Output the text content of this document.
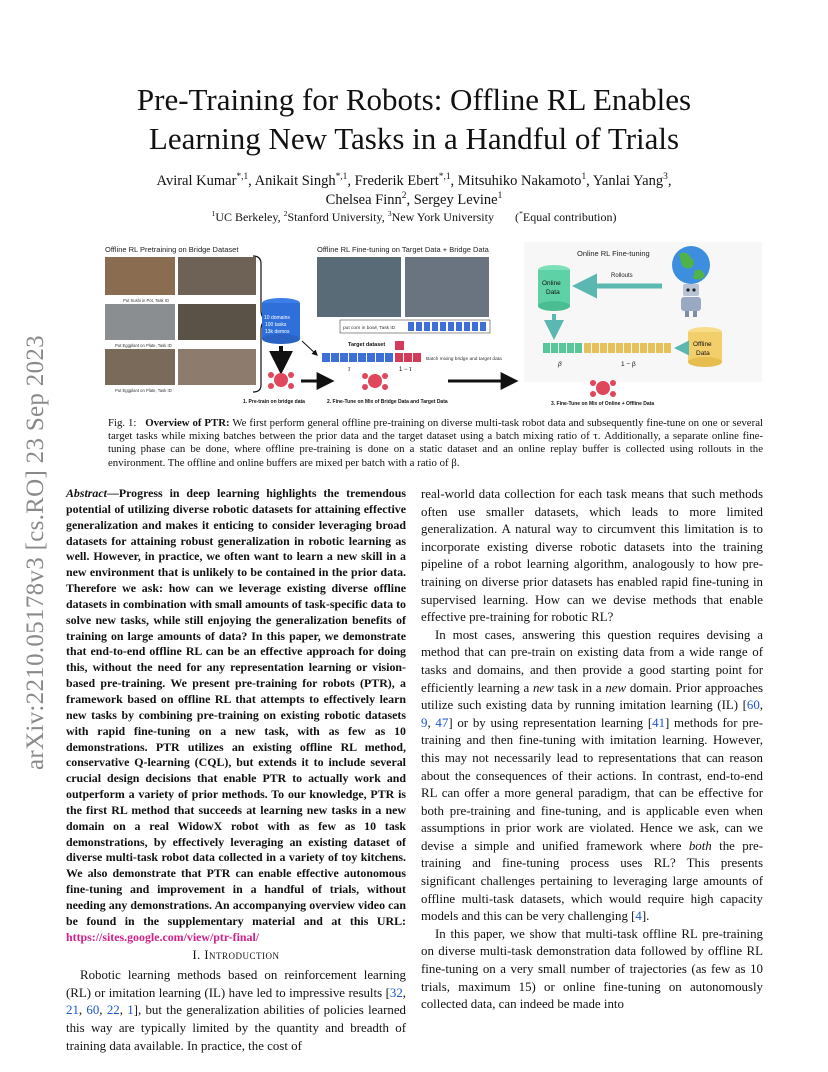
arXiv:2210.05178v3 [cs.RO] 23 Sep 2023
Pre-Training for Robots: Offline RL Enables
Learning New Tasks in a Handful of Trials
Aviral Kumar$^{*,1}$, Anikait Singh$^{*,1}$, Frederik Ebert$^{*,1}$, Mitsuhiko Nakamoto$^1$, Yanlai Yang$^3$,
Chelsea Finn$^2$, Sergey Levine$^1$
$^1$UC Berkeley, $^2$Stanford University, $^3$New York University       (*Equal contribution)
Offline RL Pretraining on Bridge Dataset
Put Sushi in Pot, Task ID
Put Eggplant on Plate, Task ID
Put Eggplant on Plate, Task ID
10 domains
100 tasks
13k demos
1. Pre-train on bridge data
Offline RL Fine-tuning on Target Data + Bridge Data
put corn in bowl, Task ID
Target dataset
Batch mixing bridge and target data
τ	1 − τ
2. Fine-Tune on Mix of Bridge Data and Target Data
Online RL Fine-tuning
Online
Data
Rollouts
Offline
Data
β	1 − β
3. Fine-Tune on Mix of Online + Offline Data
Fig. 1: Overview of PTR: We first perform general offline pre-training on diverse multi-task robot data and subsequently fine-tune on one or several target tasks while mixing batches between the prior data and the target dataset using a batch mixing ratio of τ. Additionally, a separate online fine-tuning phase can be done, where offline pre-training is done on a static dataset and an online replay buffer is collected using rollouts in the environment. The offline and online buffers are mixed per batch with a ratio of β.
Abstract—Progress in deep learning highlights the tremendous potential of utilizing diverse robotic datasets for attaining effective generalization and makes it enticing to consider leveraging broad datasets for attaining robust generalization in robotic learning as well. However, in practice, we often want to learn a new skill in a new environment that is unlikely to be contained in the prior data. Therefore we ask: how can we leverage existing diverse offline datasets in combination with small amounts of task-specific data to solve new tasks, while still enjoying the generalization benefits of training on large amounts of data? In this paper, we demonstrate that end-to-end offline RL can be an effective approach for doing this, without the need for any representation learning or vision-based pre-training. We present pre-training for robots (PTR), a framework based on offline RL that attempts to effectively learn new tasks by combining pre-training on existing robotic datasets with rapid fine-tuning on a new task, with as few as 10 demonstrations. PTR utilizes an existing offline RL method, conservative Q-learning (CQL), but extends it to include several crucial design decisions that enable PTR to actually work and outperform a variety of prior methods. To our knowledge, PTR is the first RL method that succeeds at learning new tasks in a new domain on a real WidowX robot with as few as 10 task demonstrations, by effectively leveraging an existing dataset of diverse multi-task robot data collected in a variety of toy kitchens. We also demonstrate that PTR can enable effective autonomous fine-tuning and improvement in a handful of trials, without needing any demonstrations. An accompanying overview video can be found in the supplementary material and at this URL: https://sites.google.com/view/ptr-final/
I. Introduction

Robotic learning methods based on reinforcement learning (RL) or imitation learning (IL) have led to impressive results [32, 21, 60, 22, 1], but the generalization abilities of policies learned this way are typically limited by the quantity and breadth of training data available. In practice, the cost of

real-world data collection for each task means that such methods often use smaller datasets, which leads to more limited generalization. A natural way to circumvent this limitation is to incorporate existing diverse robotic datasets into the training pipeline of a robot learning algorithm, analogously to how pre-training on diverse prior datasets has enabled rapid fine-tuning in supervised learning. How can we devise methods that enable effective pre-training for robotic RL?

In most cases, answering this question requires devising a method that can pre-train on existing data from a wide range of tasks and domains, and then provide a good starting point for efficiently learning a new task in a new domain. Prior approaches utilize such existing data by running imitation learning (IL) [60, 9, 47] or by using representation learning [41] methods for pre-training and then fine-tuning with imitation learning. However, this may not necessarily lead to representations that can reason about the consequences of their actions. In contrast, end-to-end RL can offer a more general paradigm, that can be effective for both pre-training and fine-tuning, and is applicable even when assumptions in prior work are violated. Hence we ask, can we devise a simple and unified framework where both the pre-training and fine-tuning process uses RL? This presents significant challenges pertaining to leveraging large amounts of offline multi-task datasets, which would require high capacity models and this can be very challenging [4].

In this paper, we show that multi-task offline RL pre-training on diverse multi-task demonstration data followed by offline RL fine-tuning on a very small number of trajectories (as few as 10 trials, maximum 15) or online fine-tuning on autonomously collected data, can indeed be made into
